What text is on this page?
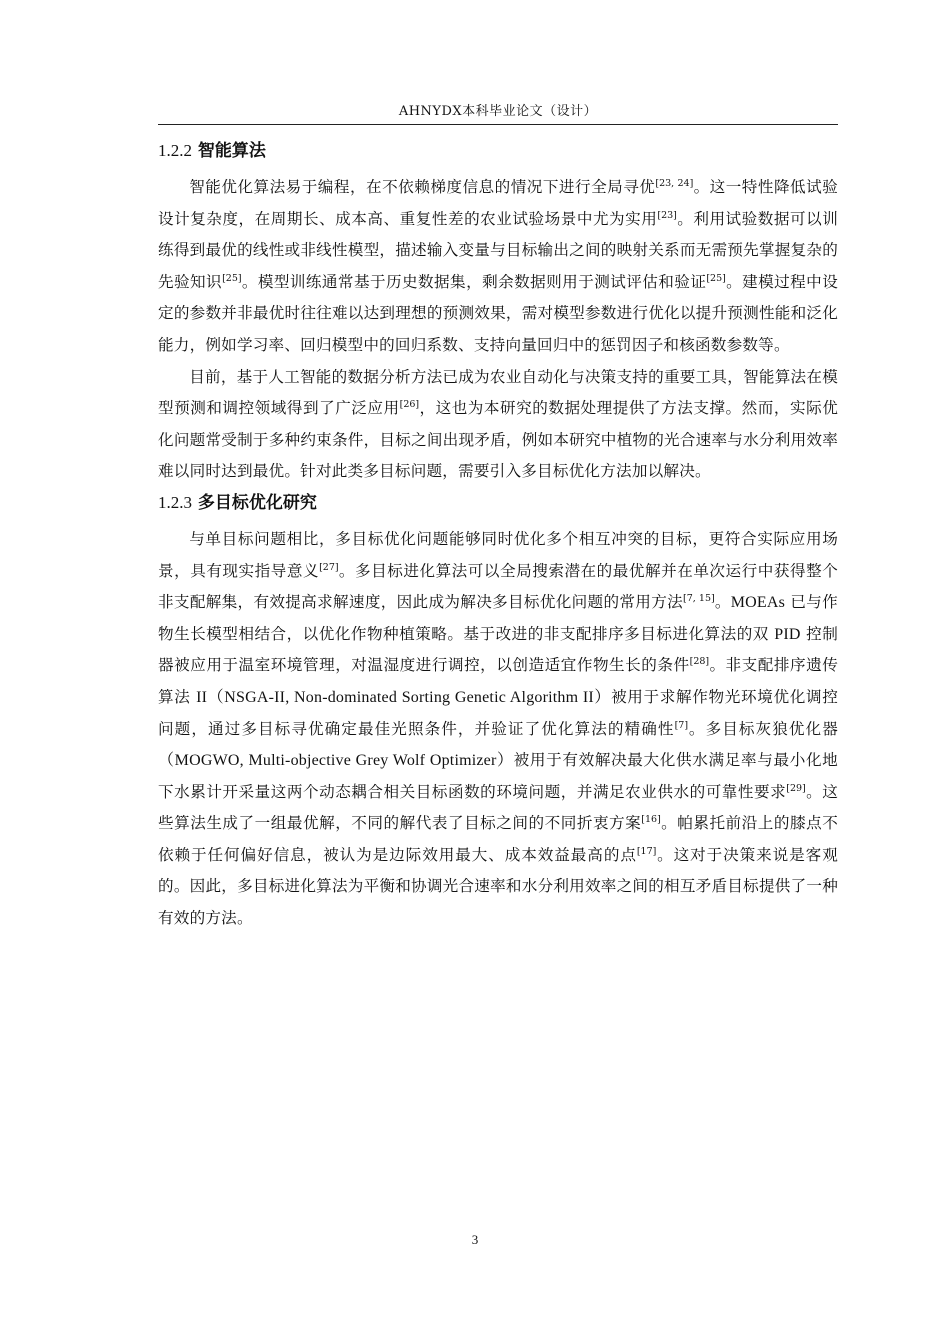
AHNYDX本科毕业论文（设计）
1.2.2 智能算法

智能优化算法易于编程，在不依赖梯度信息的情况下进行全局寻优[23, 24]。这一特性降低试验设计复杂度，在周期长、成本高、重复性差的农业试验场景中尤为实用[23]。利用试验数据可以训练得到最优的线性或非线性模型，描述输入变量与目标输出之间的映射关系而无需预先掌握复杂的先验知识[25]。模型训练通常基于历史数据集，剩余数据则用于测试评估和验证[25]。建模过程中设定的参数并非最优时往往难以达到理想的预测效果，需对模型参数进行优化以提升预测性能和泛化能力，例如学习率、回归模型中的回归系数、支持向量回归中的惩罚因子和核函数参数等。

目前，基于人工智能的数据分析方法已成为农业自动化与决策支持的重要工具，智能算法在模型预测和调控领域得到了广泛应用[26]，这也为本研究的数据处理提供了方法支撑。然而，实际优化问题常受制于多种约束条件，目标之间出现矛盾，例如本研究中植物的光合速率与水分利用效率难以同时达到最优。针对此类多目标问题，需要引入多目标优化方法加以解决。

1.2.3 多目标优化研究

与单目标问题相比，多目标优化问题能够同时优化多个相互冲突的目标，更符合实际应用场景，具有现实指导意义[27]。多目标进化算法可以全局搜索潜在的最优解并在单次运行中获得整个非支配解集，有效提高求解速度，因此成为解决多目标优化问题的常用方法[7, 15]。MOEAs 已与作物生长模型相结合，以优化作物种植策略。基于改进的非支配排序多目标进化算法的双 PID 控制器被应用于温室环境管理，对温湿度进行调控，以创造适宜作物生长的条件[28]。非支配排序遗传算法 II（NSGA-II, Non-dominated Sorting Genetic Algorithm II）被用于求解作物光环境优化调控问题，通过多目标寻优确定最佳光照条件，并验证了优化算法的精确性[7]。多目标灰狼优化器（MOGWO, Multi-objective Grey Wolf Optimizer）被用于有效解决最大化供水满足率与最小化地下水累计开采量这两个动态耦合相关目标函数的环境问题，并满足农业供水的可靠性要求[29]。这些算法生成了一组最优解，不同的解代表了目标之间的不同折衷方案[16]。帕累托前沿上的膝点不依赖于任何偏好信息，被认为是边际效用最大、成本效益最高的点[17]。这对于决策来说是客观的。因此，多目标进化算法为平衡和协调光合速率和水分利用效率之间的相互矛盾目标提供了一种有效的方法。

3
